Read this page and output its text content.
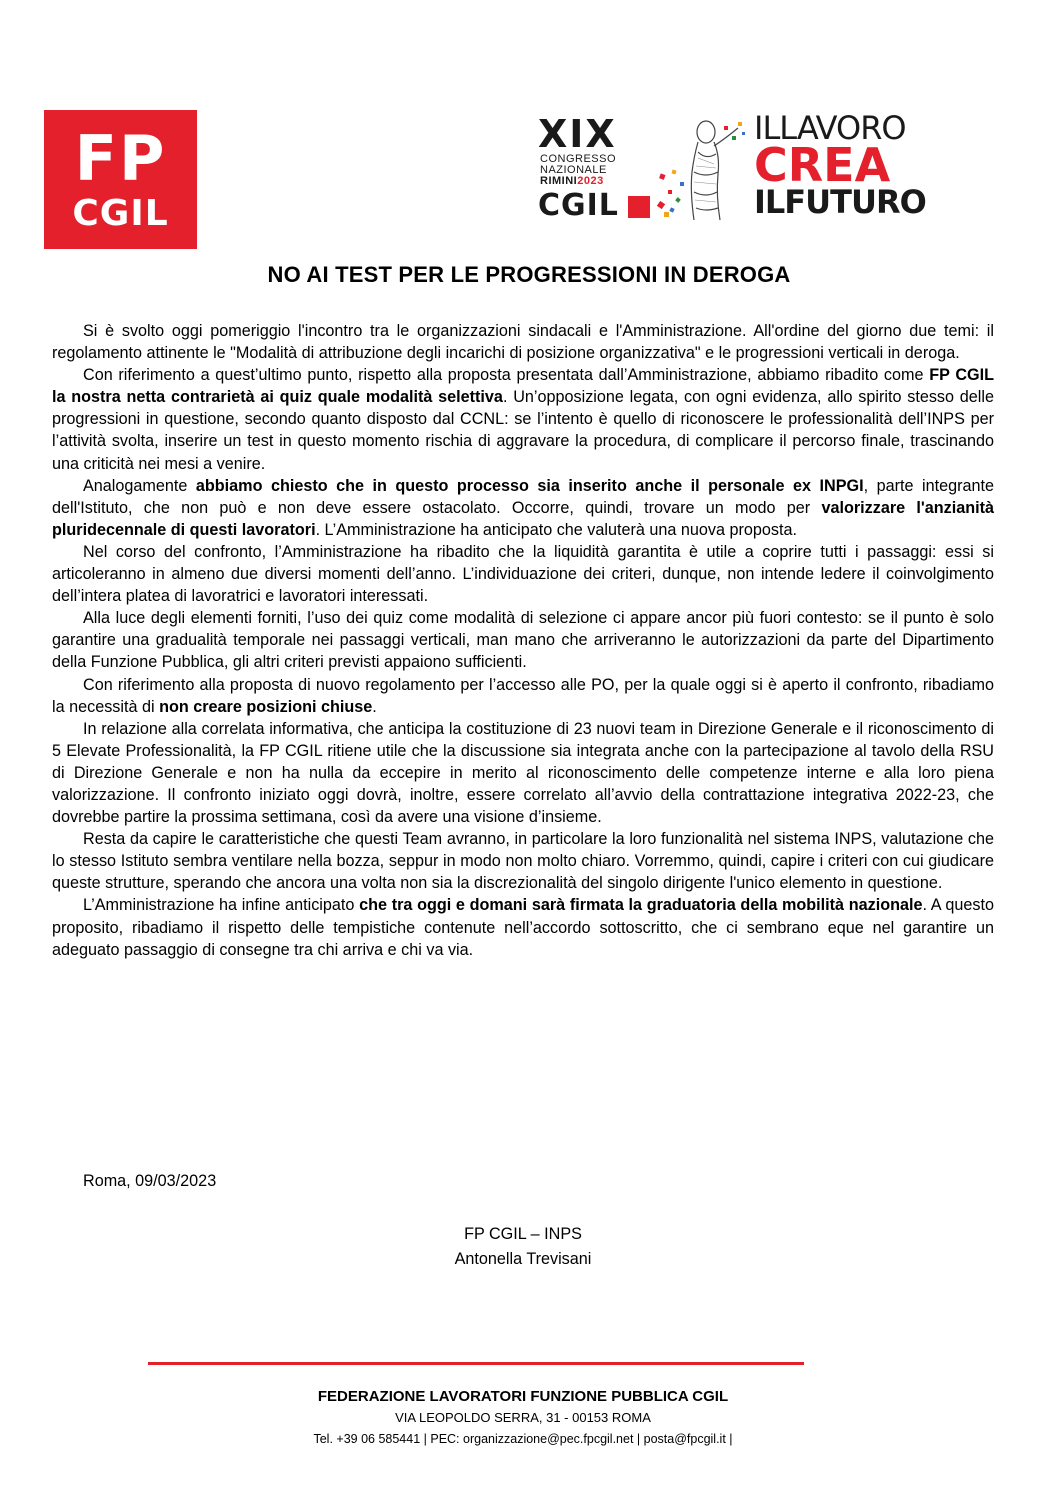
FP
CGIL
XIX
CONGRESSO
NAZIONALE
RIMINI2023
CGIL
ILLAVORO
CREA
ILFUTURO
NO AI TEST PER LE PROGRESSIONI IN DEROGA

Si è svolto oggi pomeriggio l'incontro tra le organizzazioni sindacali e l'Amministrazione. All'ordine del giorno due temi: il regolamento attinente le "Modalità di attribuzione degli incarichi di posizione organizzativa" e le progressioni verticali in deroga.

Con riferimento a quest’ultimo punto, rispetto alla proposta presentata dall’Amministrazione, abbiamo ribadito come FP CGIL la nostra netta contrarietà ai quiz quale modalità selettiva. Un’opposizione legata, con ogni evidenza, allo spirito stesso delle progressioni in questione, secondo quanto disposto dal CCNL: se l’intento è quello di riconoscere le professionalità dell’INPS per l’attività svolta, inserire un test in questo momento rischia di aggravare la procedura, di complicare il percorso finale, trascinando una criticità nei mesi a venire.

Analogamente abbiamo chiesto che in questo processo sia inserito anche il personale ex INPGI, parte integrante dell'Istituto, che non può e non deve essere ostacolato. Occorre, quindi, trovare un modo per valorizzare l'anzianità pluridecennale di questi lavoratori. L’Amministrazione ha anticipato che valuterà una nuova proposta.

Nel corso del confronto, l’Amministrazione ha ribadito che la liquidità garantita è utile a coprire tutti i passaggi: essi si articoleranno in almeno due diversi momenti dell’anno. L’individuazione dei criteri, dunque, non intende ledere il coinvolgimento dell’intera platea di lavoratrici e lavoratori interessati.

Alla luce degli elementi forniti, l’uso dei quiz come modalità di selezione ci appare ancor più fuori contesto: se il punto è solo garantire una gradualità temporale nei passaggi verticali, man mano che arriveranno le autorizzazioni da parte del Dipartimento della Funzione Pubblica, gli altri criteri previsti appaiono sufficienti.

Con riferimento alla proposta di nuovo regolamento per l’accesso alle PO, per la quale oggi si è aperto il confronto, ribadiamo la necessità di non creare posizioni chiuse.

In relazione alla correlata informativa, che anticipa la costituzione di 23 nuovi team in Direzione Generale e il riconoscimento di 5 Elevate Professionalità, la FP CGIL ritiene utile che la discussione sia integrata anche con la partecipazione al tavolo della RSU di Direzione Generale e non ha nulla da eccepire in merito al riconoscimento delle competenze interne e alla loro piena valorizzazione. Il confronto iniziato oggi dovrà, inoltre, essere correlato all’avvio della contrattazione integrativa 2022-23, che dovrebbe partire la prossima settimana, così da avere una visione d’insieme.

Resta da capire le caratteristiche che questi Team avranno, in particolare la loro funzionalità nel sistema INPS, valutazione che lo stesso Istituto sembra ventilare nella bozza, seppur in modo non molto chiaro. Vorremmo, quindi, capire i criteri con cui giudicare queste strutture, sperando che ancora una volta non sia la discrezionalità del singolo dirigente l'unico elemento in questione.

L’Amministrazione ha infine anticipato che tra oggi e domani sarà firmata la graduatoria della mobilità nazionale. A questo proposito, ribadiamo il rispetto delle tempistiche contenute nell’accordo sottoscritto, che ci sembrano eque nel garantire un adeguato passaggio di consegne tra chi arriva e chi va via.

Roma, 09/03/2023
FP CGIL – INPS
Antonella Trevisani
FEDERAZIONE LAVORATORI FUNZIONE PUBBLICA CGIL
VIA LEOPOLDO SERRA, 31 - 00153 ROMA
Tel. +39 06 585441 | PEC: organizzazione@pec.fpcgil.net | posta@fpcgil.it |
